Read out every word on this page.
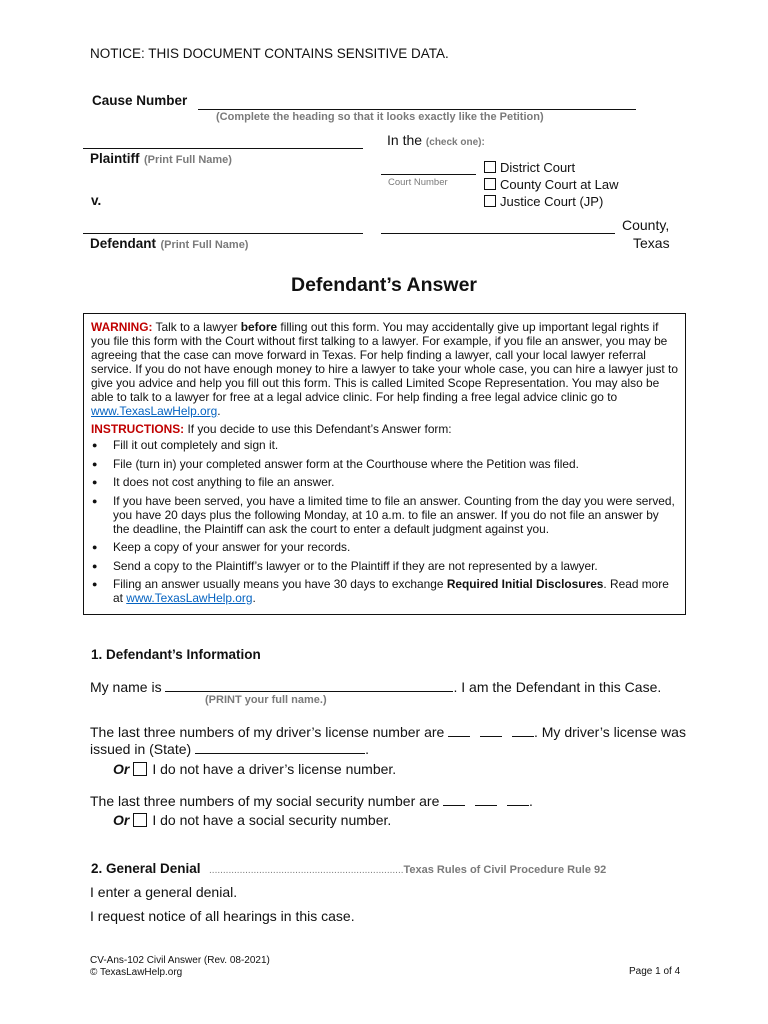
NOTICE: THIS DOCUMENT CONTAINS SENSITIVE DATA.
Cause Number
(Complete the heading so that it looks exactly like the Petition)
In the (check one):
Plaintiff (Print Full Name)
Court Number
District Court
County Court at Law
Justice Court (JP)
v.
County,
Texas
Defendant (Print Full Name)
Defendant’s Answer

WARNING: Talk to a lawyer before filling out this form. You may accidentally give up important legal rights if you file this form with the Court without first talking to a lawyer. For example, if you file an answer, you may be agreeing that the case can move forward in Texas. For help finding a lawyer, call your local lawyer referral service. If you do not have enough money to hire a lawyer to take your whole case, you can hire a lawyer just to give you advice and help you fill out this form. This is called Limited Scope Representation. You may also be able to talk to a lawyer for free at a legal advice clinic. For help finding a free legal advice clinic go to www.TexasLawHelp.org.

INSTRUCTIONS: If you decide to use this Defendant’s Answer form:

● Fill it out completely and sign it.
● File (turn in) your completed answer form at the Courthouse where the Petition was filed.
● It does not cost anything to file an answer.
● If you have been served, you have a limited time to file an answer. Counting from the day you were served, you have 20 days plus the following Monday, at 10 a.m. to file an answer. If you do not file an answer by the deadline, the Plaintiff can ask the court to enter a default judgment against you.
● Keep a copy of your answer for your records.
● Send a copy to the Plaintiff’s lawyer or to the Plaintiff if they are not represented by a lawyer.
● Filing an answer usually means you have 30 days to exchange Required Initial Disclosures. Read more at www.TexasLawHelp.org.
1. Defendant’s Information
My name is	. I am the Defendant in this Case.
(PRINT your full name.)
The last three numbers of my driver’s license number are	. My driver’s license was
issued in (State)	.
Or I do not have a driver’s license number.
The last three numbers of my social security number are	.
Or I do not have a social security number.
2. General Denial ......................................................................Texas Rules of Civil Procedure Rule 92
I enter a general denial.
I request notice of all hearings in this case.
CV-Ans-102 Civil Answer (Rev. 08-2021)
© TexasLawHelp.org	Page 1 of 4
